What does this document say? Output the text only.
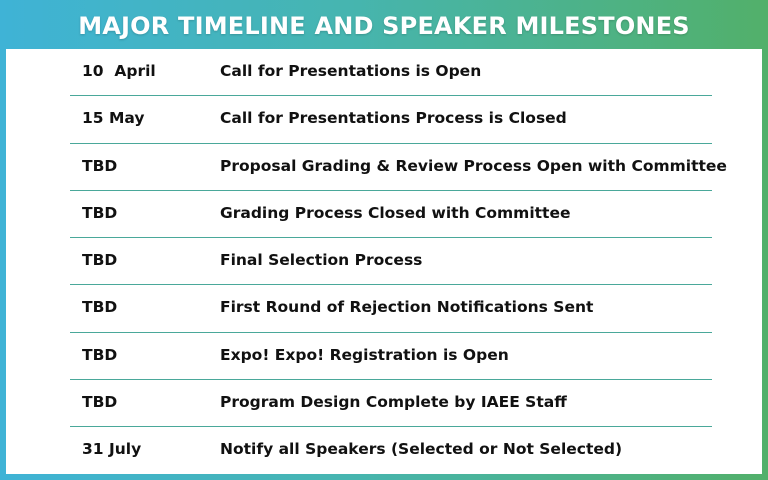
MAJOR TIMELINE AND SPEAKER MILESTONES
10  April	Call for Presentations is Open
15 May	Call for Presentations Process is Closed
TBD	Proposal Grading & Review Process Open with Committee
TBD	Grading Process Closed with Committee
TBD	Final Selection Process
TBD	First Round of Rejection Notifications Sent
TBD	Expo! Expo! Registration is Open
TBD	Program Design Complete by IAEE Staff
31 July	Notify all Speakers (Selected or Not Selected)
